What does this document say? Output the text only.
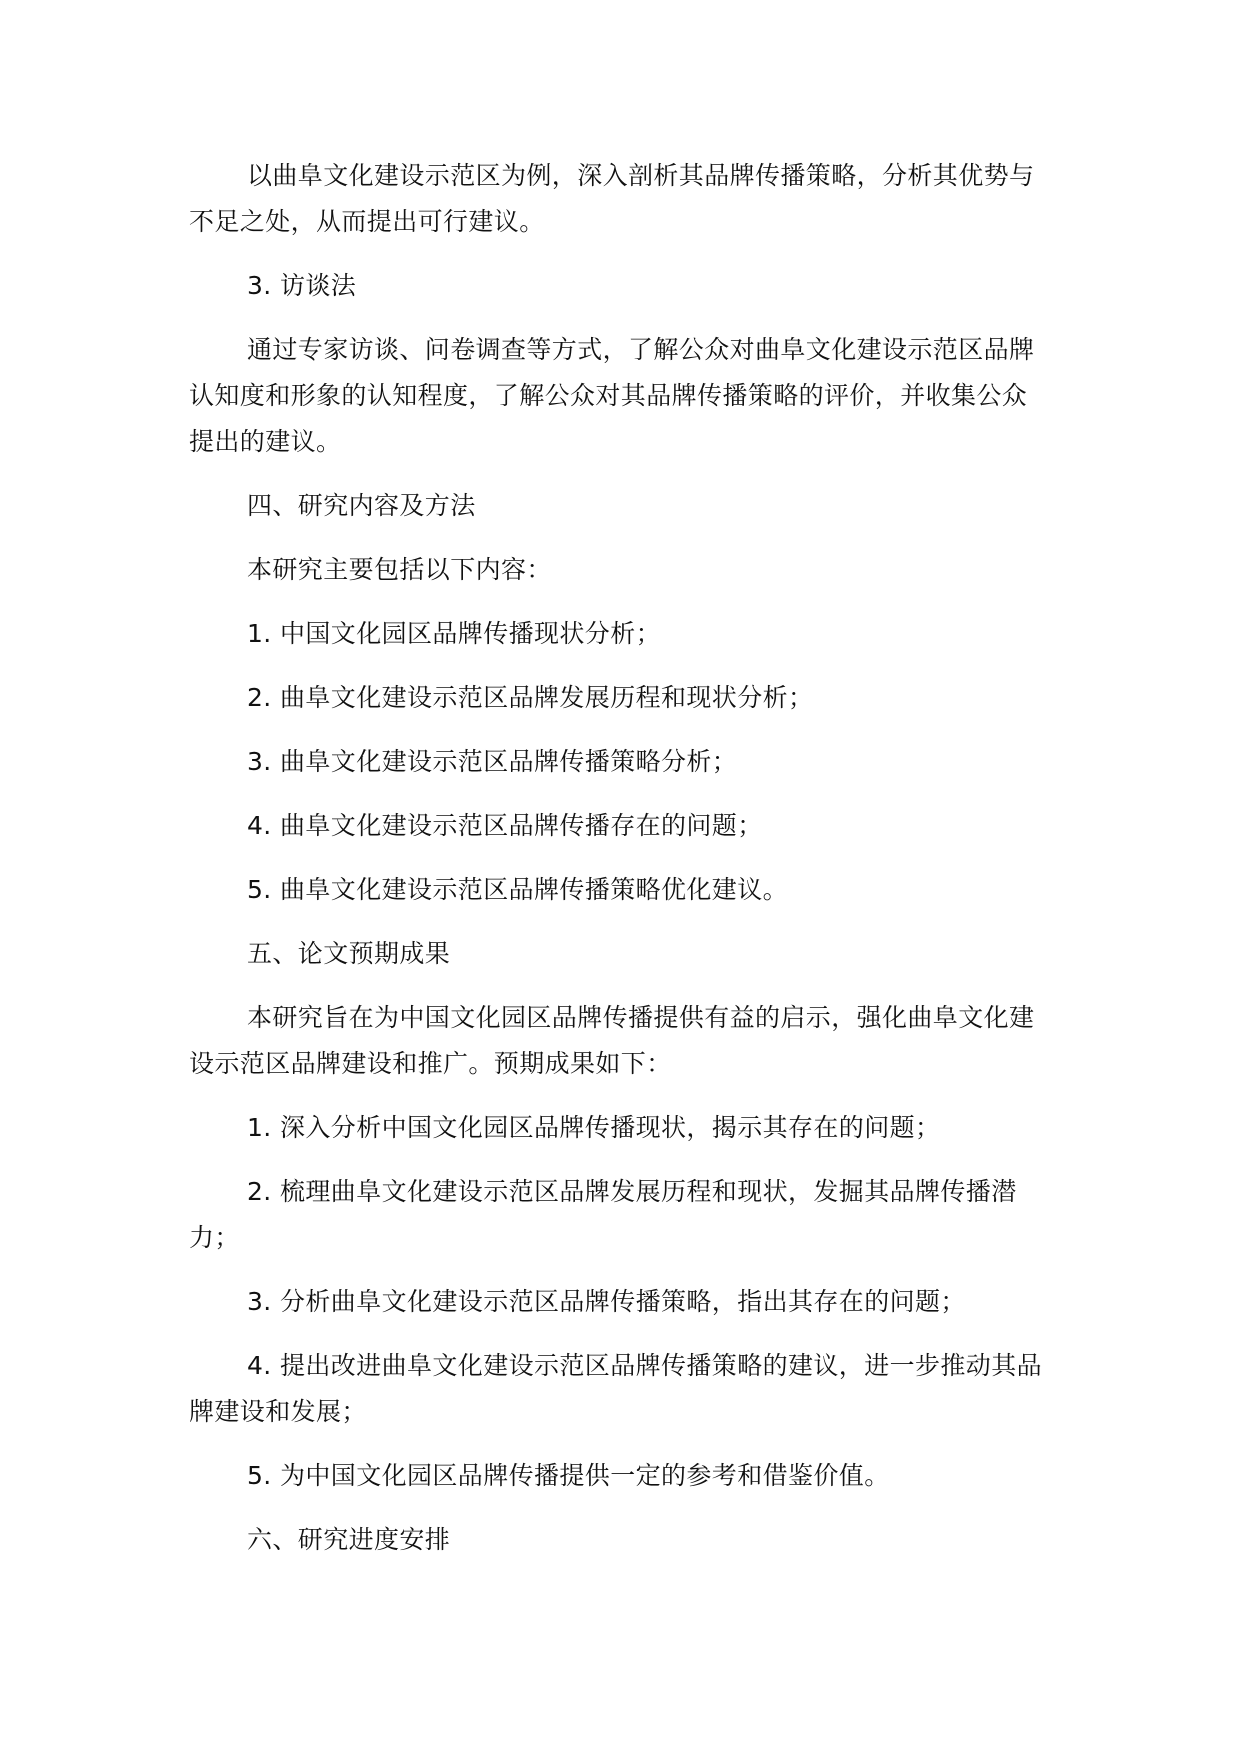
以曲阜文化建设示范区为例，深入剖析其品牌传播策略，分析其优势与不足之处，从而提出可行建议。

3. 访谈法

通过专家访谈、问卷调查等方式，了解公众对曲阜文化建设示范区品牌认知度和形象的认知程度，了解公众对其品牌传播策略的评价，并收集公众提出的建议。

四、研究内容及方法

本研究主要包括以下内容：

1. 中国文化园区品牌传播现状分析；

2. 曲阜文化建设示范区品牌发展历程和现状分析；

3. 曲阜文化建设示范区品牌传播策略分析；

4. 曲阜文化建设示范区品牌传播存在的问题；

5. 曲阜文化建设示范区品牌传播策略优化建议。

五、论文预期成果

本研究旨在为中国文化园区品牌传播提供有益的启示，强化曲阜文化建设示范区品牌建设和推广。预期成果如下：

1. 深入分析中国文化园区品牌传播现状，揭示其存在的问题；

2. 梳理曲阜文化建设示范区品牌发展历程和现状，发掘其品牌传播潜力；

3. 分析曲阜文化建设示范区品牌传播策略，指出其存在的问题；

4. 提出改进曲阜文化建设示范区品牌传播策略的建议，进一步推动其品牌建设和发展；

5. 为中国文化园区品牌传播提供一定的参考和借鉴价值。

六、研究进度安排
